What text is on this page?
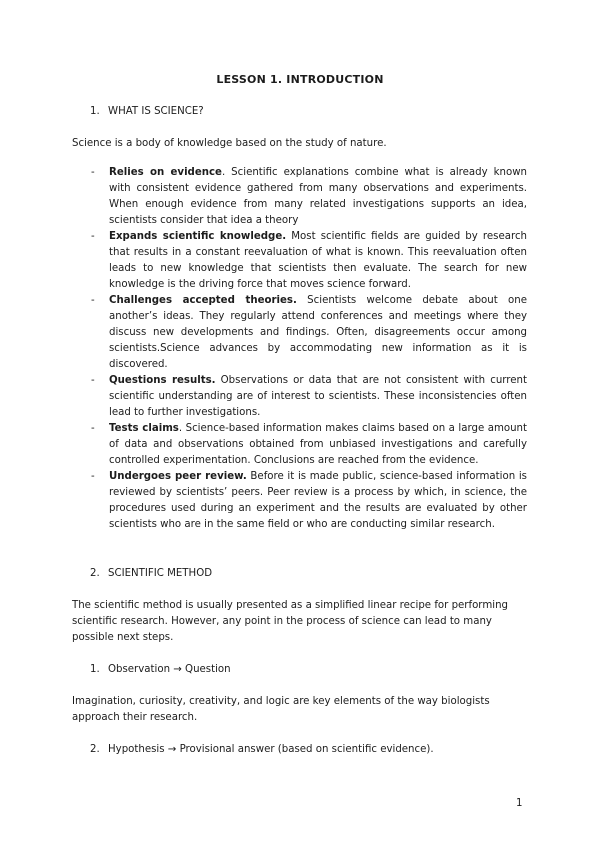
LESSON 1. INTRODUCTION
1. WHAT IS SCIENCE?
Science is a body of knowledge based on the study of nature.
- Relies on evidence. Scientific explanations combine what is already known with consistent evidence gathered from many observations and experiments. When enough evidence from many related investigations supports an idea, scientists consider that idea a theory
- Expands scientific knowledge. Most scientific fields are guided by research that results in a constant reevaluation of what is known. This reevaluation often leads to new knowledge that scientists then evaluate. The search for new knowledge is the driving force that moves science forward.
- Challenges accepted theories. Scientists welcome debate about one another’s ideas. They regularly attend conferences and meetings where they discuss new developments and findings. Often, disagreements occur among scientists.Science advances by accommodating new information as it is discovered.
- Questions results. Observations or data that are not consistent with current scientific understanding are of interest to scientists. These inconsistencies often lead to further investigations.
- Tests claims. Science-based information makes claims based on a large amount of data and observations obtained from unbiased investigations and carefully controlled experimentation. Conclusions are reached from the evidence.
- Undergoes peer review. Before it is made public, science-based information is reviewed by scientists’ peers. Peer review is a process by which, in science, the procedures used during an experiment and the results are evaluated by other scientists who are in the same field or who are conducting similar research.
2. SCIENTIFIC METHOD
The scientific method is usually presented as a simplified linear recipe for performing scientific research. However, any point in the process of science can lead to many possible next steps.
1. Observation → Question
Imagination, curiosity, creativity, and logic are key elements of the way biologists approach their research.
2. Hypothesis → Provisional answer (based on scientific evidence).
1
